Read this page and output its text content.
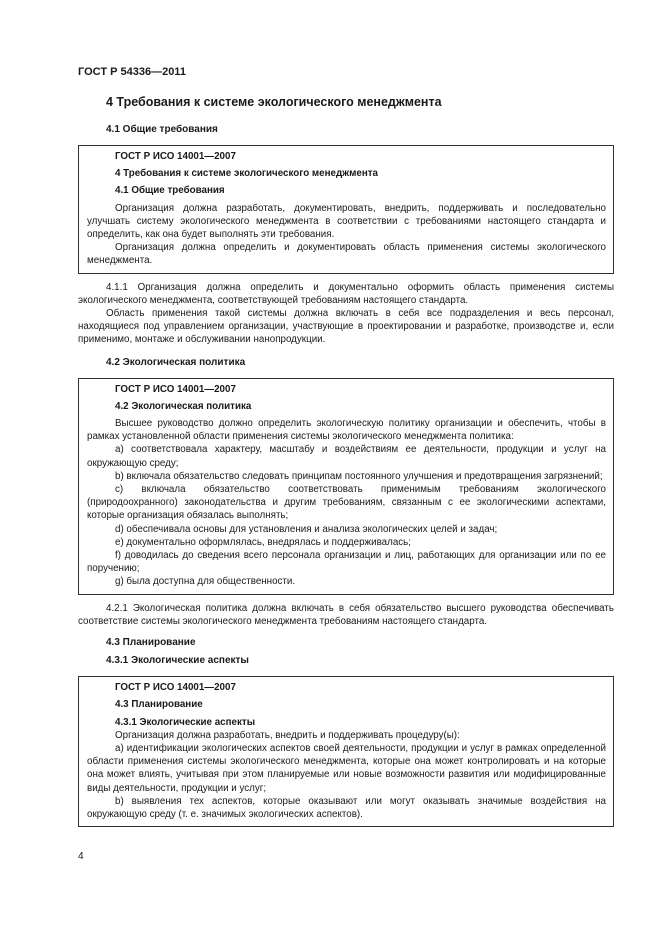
ГОСТ Р 54336—2011
4 Требования к системе экологического менеджмента
4.1 Общие требования
ГОСТ Р ИСО 14001—2007
4 Требования к системе экологического менеджмента
4.1 Общие требования

Организация должна разработать, документировать, внедрить, поддерживать и последовательно улучшать систему экологического менеджмента в соответствии с требованиями настоящего стандарта и определить, как она будет выполнять эти требования.

Организация должна определить и документировать область применения системы экологического менеджмента.

4.1.1 Организация должна определить и документально оформить область применения системы экологического менеджмента, соответствующей требованиям настоящего стандарта.

Область применения такой системы должна включать в себя все подразделения и весь персонал, находящиеся под управлением организации, участвующие в проектировании и разработке, производстве и, если применимо, монтаже и обслуживании нанопродукции.

4.2 Экологическая политика
ГОСТ Р ИСО 14001—2007
4.2 Экологическая политика

Высшее руководство должно определить экологическую политику организации и обеспечить, чтобы в рамках установленной области применения системы экологического менеджмента политика:

a) соответствовала характеру, масштабу и воздействиям ее деятельности, продукции и услуг на окружающую среду;

b) включала обязательство следовать принципам постоянного улучшения и предотвращения загрязнений;

c) включала обязательство соответствовать применимым требованиям экологического (природоохранного) законодательства и другим требованиям, связанным с ее экологическими аспектами, которые организация обязалась выполнять;

d) обеспечивала основы для установления и анализа экологических целей и задач;

e) документально оформлялась, внедрялась и поддерживалась;

f) доводилась до сведения всего персонала организации и лиц, работающих для организации или по ее поручению;

g) была доступна для общественности.

4.2.1 Экологическая политика должна включать в себя обязательство высшего руководства обеспечивать соответствие системы экологического менеджмента требованиям настоящего стандарта.

4.3 Планирование
4.3.1 Экологические аспекты
ГОСТ Р ИСО 14001—2007
4.3 Планирование
4.3.1 Экологические аспекты

Организация должна разработать, внедрить и поддерживать процедуру(ы):

a) идентификации экологических аспектов своей деятельности, продукции и услуг в рамках определенной области применения системы экологического менеджмента, которые она может контролировать и на которые она может влиять, учитывая при этом планируемые или новые возможности развития или модифицированные виды деятельности, продукции и услуг;

b) выявления тех аспектов, которые оказывают или могут оказывать значимые воздействия на окружающую среду (т. е. значимых экологических аспектов).

4
